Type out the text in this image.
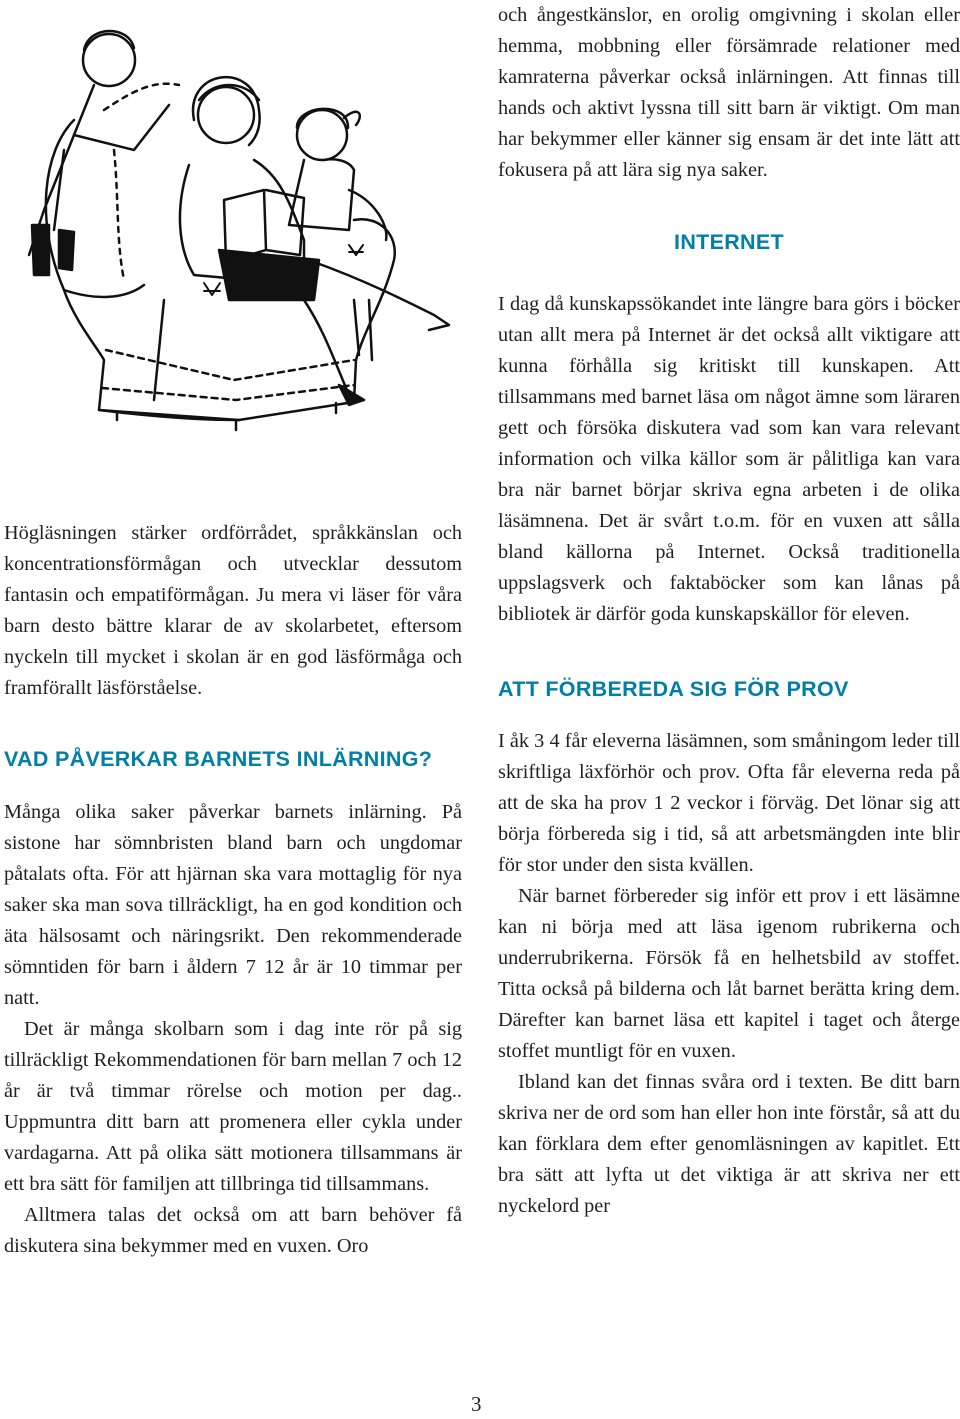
Högläsningen stärker ordförrådet, språkkänslan och koncentrationsförmågan och utvecklar dessutom fantasin och empatiförmågan. Ju mera vi läser för våra barn desto bättre klarar de av skolarbetet, eftersom nyckeln till mycket i skolan är en god läsförmåga och framförallt läsförståelse.

VAD PÅVERKAR BARNETS INLÄRNING?

Många olika saker påverkar barnets inlärning. På sistone har sömnbristen bland barn och ungdomar påtalats ofta. För att hjärnan ska vara mottaglig för nya saker ska man sova tillräckligt, ha en god kondition och äta hälsosamt och näringsrikt. Den rekommenderade sömntiden för barn i åldern 7 12 år är 10 timmar per natt.

Det är många skolbarn som i dag inte rör på sig tillräckligt Rekommendationen för barn mellan 7 och 12 år är två timmar rörelse och motion per dag.. Uppmuntra ditt barn att promenera eller cykla under vardagarna. Att på olika sätt motionera tillsammans är ett bra sätt för familjen att tillbringa tid tillsammans.

Alltmera talas det också om att barn behöver få diskutera sina bekymmer med en vuxen. Oro

och ångestkänslor, en orolig omgivning i skolan eller hemma, mobbning eller försämrade relationer med kamraterna påverkar också inlärningen. Att finnas till hands och aktivt lyssna till sitt barn är viktigt. Om man har bekymmer eller känner sig ensam är det inte lätt att fokusera på att lära sig nya saker.

INTERNET

I dag då kunskapssökandet inte längre bara görs i böcker utan allt mera på Internet är det också allt viktigare att kunna förhålla sig kritiskt till kunskapen. Att tillsammans med barnet läsa om något ämne som läraren gett och försöka diskutera vad som kan vara relevant information och vilka källor som är pålitliga kan vara bra när barnet börjar skriva egna arbeten i de olika läsämnena. Det är svårt t.o.m. för en vuxen att sålla bland källorna på Internet. Också traditionella uppslagsverk och faktaböcker som kan lånas på bibliotek är därför goda kunskapskällor för eleven.

ATT FÖRBEREDA SIG FÖR PROV

I åk 3 4 får eleverna läsämnen, som småningom leder till skriftliga läxförhör och prov. Ofta får eleverna reda på att de ska ha prov 1 2 veckor i förväg. Det lönar sig att börja förbereda sig i tid, så att arbetsmängden inte blir för stor under den sista kvällen.

När barnet förbereder sig inför ett prov i ett läsämne kan ni börja med att läsa igenom rubrikerna och underrubrikerna. Försök få en helhetsbild av stoffet. Titta också på bilderna och låt barnet berätta kring dem. Därefter kan barnet läsa ett kapitel i taget och återge stoffet muntligt för en vuxen.

Ibland kan det finnas svåra ord i texten. Be ditt barn skriva ner de ord som han eller hon inte förstår, så att du kan förklara dem efter genomläsningen av kapitlet. Ett bra sätt att lyfta ut det viktiga är att skriva ner ett nyckelord per

3
